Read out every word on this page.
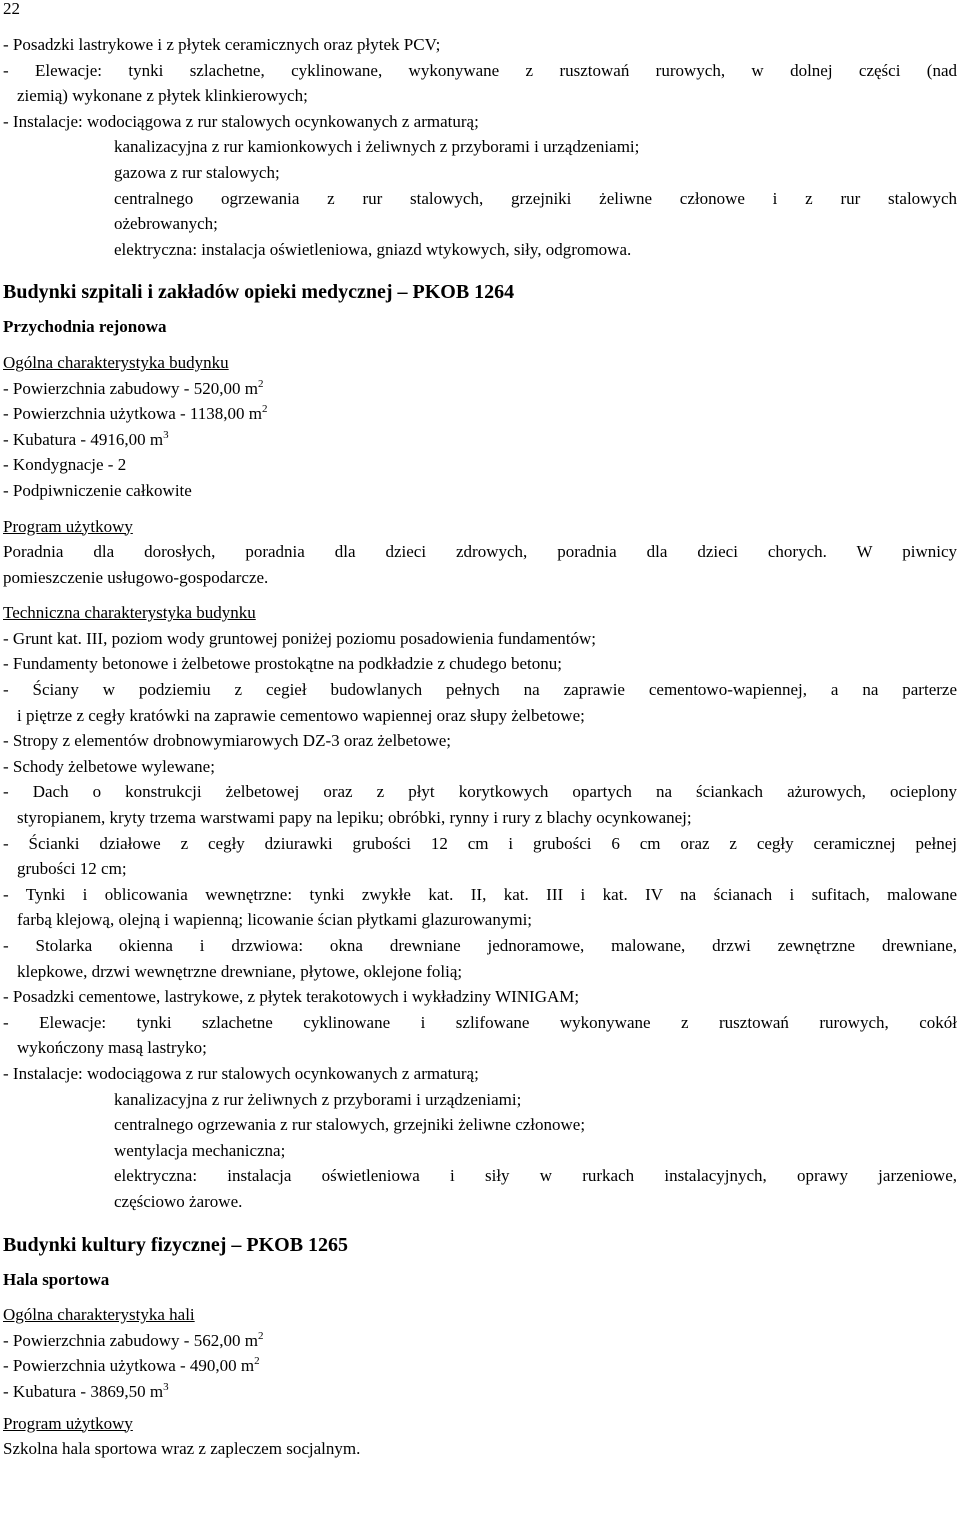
22
- Posadzki lastrykowe i z płytek ceramicznych oraz płytek PCV;
- Elewacje: tynki szlachetne, cyklinowane, wykonywane z rusztowań rurowych, w dolnej części (nad
ziemią) wykonane z płytek klinkierowych;
- Instalacje: wodociągowa z rur stalowych ocynkowanych z armaturą;
kanalizacyjna z rur kamionkowych i żeliwnych z przyborami i urządzeniami;
gazowa z rur stalowych;
centralnego ogrzewania z rur stalowych, grzejniki żeliwne członowe i z rur stalowych
ożebrowanych;
elektryczna: instalacja oświetleniowa, gniazd wtykowych, siły, odgromowa.
Budynki szpitali i zakładów opieki medycznej – PKOB 1264
Przychodnia rejonowa
Ogólna charakterystyka budynku
- Powierzchnia zabudowy - 520,00 $m^2$
- Powierzchnia użytkowa - 1138,00 $m^2$
- Kubatura - 4916,00 $m^3$
- Kondygnacje - 2
- Podpiwniczenie całkowite
Program użytkowy
Poradnia dla dorosłych, poradnia dla dzieci zdrowych, poradnia dla dzieci chorych. W piwnicy
pomieszczenie usługowo-gospodarcze.
Techniczna charakterystyka budynku
- Grunt kat. III, poziom wody gruntowej poniżej poziomu posadowienia fundamentów;
- Fundamenty betonowe i żelbetowe prostokątne na podkładzie z chudego betonu;
- Ściany w podziemiu z cegieł budowlanych pełnych na zaprawie cementowo-wapiennej, a na parterze
i piętrze z cegły kratówki na zaprawie cementowo wapiennej oraz słupy żelbetowe;
- Stropy z elementów drobnowymiarowych DZ-3 oraz żelbetowe;
- Schody żelbetowe wylewane;
- Dach o konstrukcji żelbetowej oraz z płyt korytkowych opartych na ściankach ażurowych, ocieplony
styropianem, kryty trzema warstwami papy na lepiku; obróbki, rynny i rury z blachy ocynkowanej;
- Ścianki działowe z cegły dziurawki grubości 12 cm i grubości 6 cm oraz z cegły ceramicznej pełnej
grubości 12 cm;
- Tynki i oblicowania wewnętrzne: tynki zwykłe kat. II, kat. III i kat. IV na ścianach i sufitach, malowane
farbą klejową, olejną i wapienną; licowanie ścian płytkami glazurowanymi;
- Stolarka okienna i drzwiowa: okna drewniane jednoramowe, malowane, drzwi zewnętrzne drewniane,
klepkowe, drzwi wewnętrzne drewniane, płytowe, oklejone folią;
- Posadzki cementowe, lastrykowe, z płytek terakotowych i wykładziny WINIGAM;
- Elewacje: tynki szlachetne cyklinowane i szlifowane wykonywane z rusztowań rurowych, cokół
wykończony masą lastryko;
- Instalacje: wodociągowa z rur stalowych ocynkowanych z armaturą;
kanalizacyjna z rur żeliwnych z przyborami i urządzeniami;
centralnego ogrzewania z rur stalowych, grzejniki żeliwne członowe;
wentylacja mechaniczna;
elektryczna: instalacja oświetleniowa i siły w rurkach instalacyjnych, oprawy jarzeniowe,
częściowo żarowe.
Budynki kultury fizycznej – PKOB 1265
Hala sportowa
Ogólna charakterystyka hali
- Powierzchnia zabudowy - 562,00 $m^2$
- Powierzchnia użytkowa - 490,00 $m^2$
- Kubatura - 3869,50 $m^3$
Program użytkowy
Szkolna hala sportowa wraz z zapleczem socjalnym.
